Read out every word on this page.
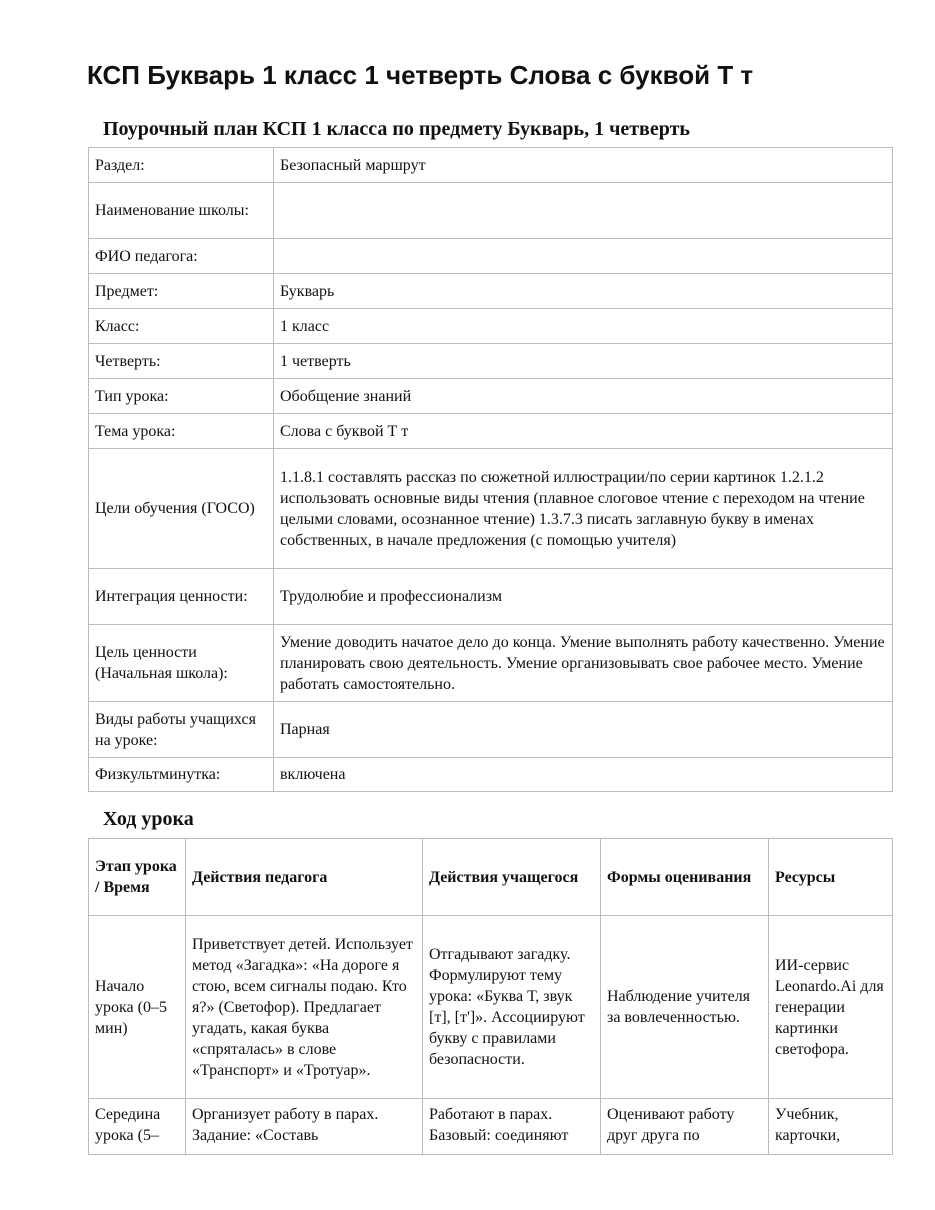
КСП Букварь 1 класс 1 четверть Слова с буквой Т т
Поурочный план КСП 1 класса по предмету Букварь, 1 четверть
Раздел:	Безопасный маршрут
Наименование школы:	
ФИО педагога:	
Предмет:	Букварь
Класс:	1 класс
Четверть:	1 четверть
Тип урока:	Обобщение знаний
Тема урока:	Слова с буквой Т т
Цели обучения (ГОСО)	1.1.8.1 составлять рассказ по сюжетной иллюстрации/по серии картинок 1.2.1.2 использовать основные виды чтения (плавное слоговое чтение с переходом на чтение целыми словами, осознанное чтение) 1.3.7.3 писать заглавную букву в именах собственных, в начале предложения (с помощью учителя)
Интеграция ценности:	Трудолюбие и профессионализм
Цель ценности (Начальная школа):	Умение доводить начатое дело до конца. Умение выполнять работу качественно. Умение планировать свою деятельность. Умение организовывать свое рабочее место. Умение работать самостоятельно.
Виды работы учащихся на уроке:	Парная
Физкультминутка:	включена
Ход урока
Этап урока / Время	Действия педагога	Действия учащегося	Формы оценивания	Ресурсы
Начало урока (0–5 мин)	Приветствует детей. Использует метод «Загадка»: «На дороге я стою, всем сигналы подаю. Кто я?» (Светофор). Предлагает угадать, какая буква «спряталась» в слове «Транспорт» и «Тротуар».	Отгадывают загадку. Формулируют тему урока: «Буква Т, звук [т], [т']». Ассоциируют букву с правилами безопасности.	Наблюдение учителя за вовлеченностью.	ИИ-сервис Leonardo.Ai для генерации картинки светофора.
Середина урока (5–	Организует работу в парах. Задание: «Составь	Работают в парах. Базовый: соединяют	Оценивают работу друг друга по	Учебник, карточки,
